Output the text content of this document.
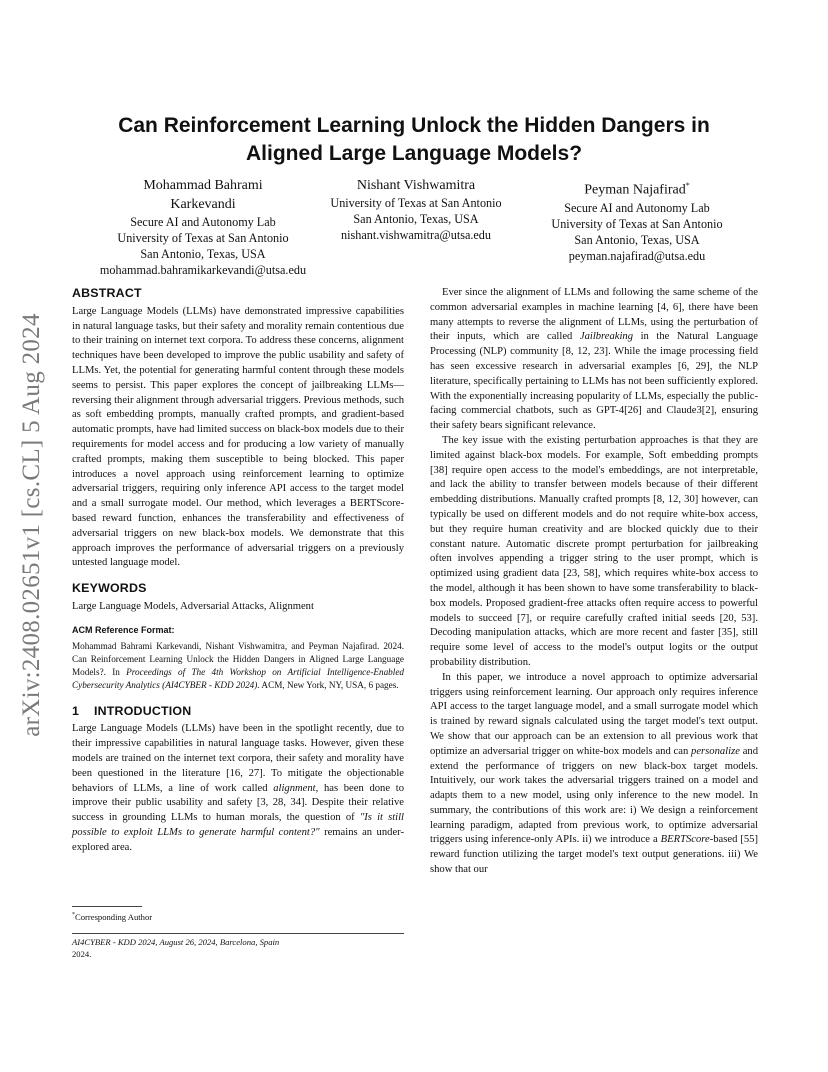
arXiv:2408.02651v1 [cs.CL] 5 Aug 2024
Can Reinforcement Learning Unlock the Hidden Dangers in
Aligned Large Language Models?
Mohammad Bahrami
Karkevandi
Secure AI and Autonomy Lab
University of Texas at San Antonio
San Antonio, Texas, USA
mohammad.bahramikarkevandi@utsa.edu
Nishant Vishwamitra
University of Texas at San Antonio
San Antonio, Texas, USA
nishant.vishwamitra@utsa.edu
Peyman Najafirad*
Secure AI and Autonomy Lab
University of Texas at San Antonio
San Antonio, Texas, USA
peyman.najafirad@utsa.edu
ABSTRACT

Large Language Models (LLMs) have demonstrated impressive capabilities in natural language tasks, but their safety and morality remain contentious due to their training on internet text corpora. To address these concerns, alignment techniques have been developed to improve the public usability and safety of LLMs. Yet, the potential for generating harmful content through these models seems to persist. This paper explores the concept of jailbreaking LLMs—reversing their alignment through adversarial triggers. Previous methods, such as soft embedding prompts, manually crafted prompts, and gradient-based automatic prompts, have had limited success on black-box models due to their requirements for model access and for producing a low variety of manually crafted prompts, making them susceptible to being blocked. This paper introduces a novel approach using reinforcement learning to optimize adversarial triggers, requiring only inference API access to the target model and a small surrogate model. Our method, which leverages a BERTScore-based reward function, enhances the transferability and effectiveness of adversarial triggers on new black-box models. We demonstrate that this approach improves the performance of adversarial triggers on a previously untested language model.

KEYWORDS

Large Language Models, Adversarial Attacks, Alignment

ACM Reference Format:

Mohammad Bahrami Karkevandi, Nishant Vishwamitra, and Peyman Najafirad. 2024. Can Reinforcement Learning Unlock the Hidden Dangers in Aligned Large Language Models?. In Proceedings of The 4th Workshop on Artificial Intelligence-Enabled Cybersecurity Analytics (AI4CYBER - KDD 2024). ACM, New York, NY, USA, 6 pages.

1 INTRODUCTION

Large Language Models (LLMs) have been in the spotlight recently, due to their impressive capabilities in natural language tasks. However, given these models are trained on the internet text corpora, their safety and morality have been questioned in the literature [16, 27]. To mitigate the objectionable behaviors of LLMs, a line of work called alignment, has been done to improve their public usability and safety [3, 28, 34]. Despite their relative success in grounding LLMs to human morals, the question of "Is it still possible to exploit LLMs to generate harmful content?" remains an under-explored area.

Ever since the alignment of LLMs and following the same scheme of the common adversarial examples in machine learning [4, 6], there have been many attempts to reverse the alignment of LLMs, using the perturbation of their inputs, which are called Jailbreaking in the Natural Language Processing (NLP) community [8, 12, 23]. While the image processing field has seen excessive research in adversarial examples [6, 29], the NLP literature, specifically pertaining to LLMs has not been sufficiently explored. With the exponentially increasing popularity of LLMs, especially the public-facing commercial chatbots, such as GPT-4[26] and Claude3[2], ensuring their safety bears significant relevance.

The key issue with the existing perturbation approaches is that they are limited against black-box models. For example, Soft embedding prompts [38] require open access to the model's embeddings, are not interpretable, and lack the ability to transfer between models because of their different embedding distributions. Manually crafted prompts [8, 12, 30] however, can typically be used on different models and do not require white-box access, but they require human creativity and are blocked quickly due to their constant nature. Automatic discrete prompt perturbation for jailbreaking often involves appending a trigger string to the user prompt, which is optimized using gradient data [23, 58], which requires white-box access to the model, although it has been shown to have some transferability to black-box models. Proposed gradient-free attacks often require access to powerful models to succeed [7], or require carefully crafted initial seeds [20, 53]. Decoding manipulation attacks, which are more recent and faster [35], still require some level of access to the model's output logits or the output probability distribution.

In this paper, we introduce a novel approach to optimize adversarial triggers using reinforcement learning. Our approach only requires inference API access to the target language model, and a small surrogate model which is trained by reward signals calculated using the target model's text output. We show that our approach can be an extension to all previous work that optimize an adversarial trigger on white-box models and can personalize and extend the performance of triggers on new black-box target models. Intuitively, our work takes the adversarial triggers trained on a model and adapts them to a new model, using only inference to the new model. In summary, the contributions of this work are: i) We design a reinforcement learning paradigm, adapted from previous work, to optimize adversarial triggers using inference-only APIs. ii) we introduce a BERTScore-based [55] reward function utilizing the target model's text output generations. iii) We show that our

*Corresponding Author
AI4CYBER - KDD 2024, August 26, 2024, Barcelona, Spain
2024.
